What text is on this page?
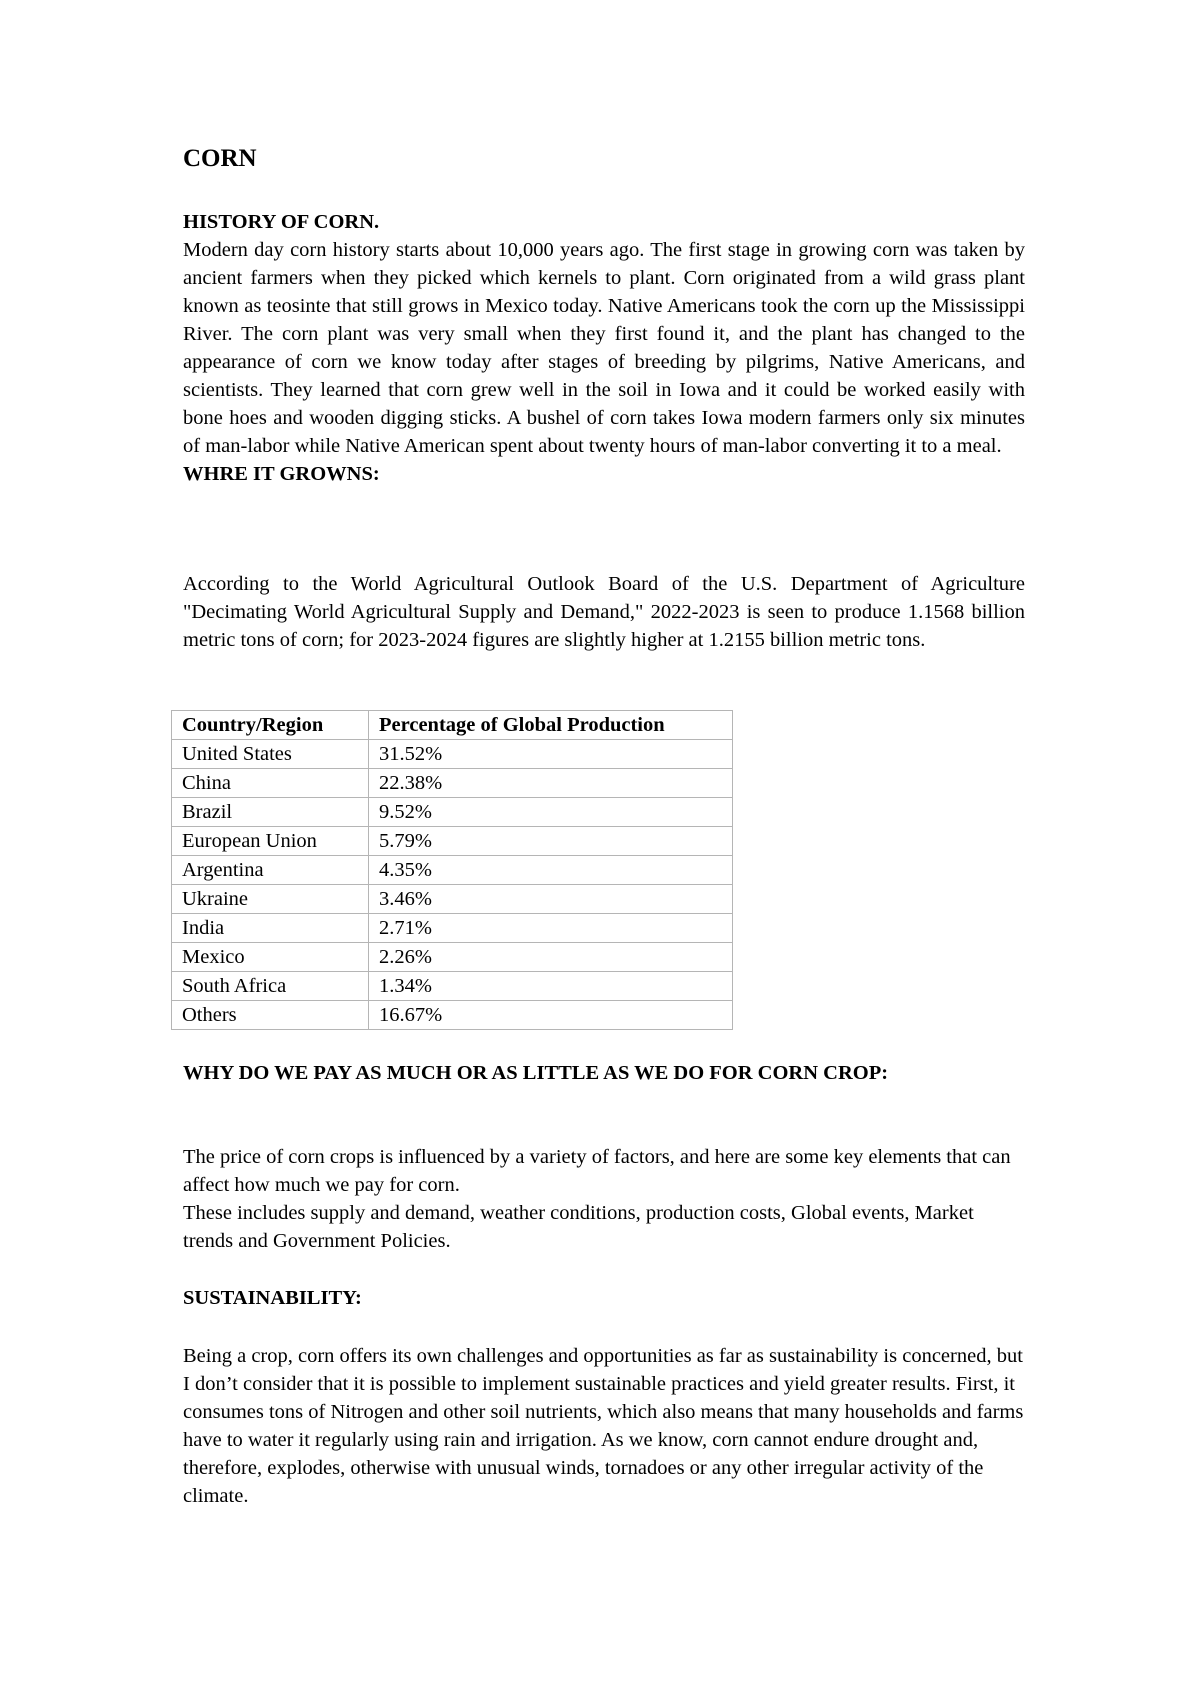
CORN
HISTORY OF CORN.

Modern day corn history starts about 10,000 years ago. The first stage in growing corn was taken by ancient farmers when they picked which kernels to plant. Corn originated from a wild grass plant known as teosinte that still grows in Mexico today. Native Americans took the corn up the Mississippi River. The corn plant was very small when they first found it, and the plant has changed to the appearance of corn we know today after stages of breeding by pilgrims, Native Americans, and scientists. They learned that corn grew well in the soil in Iowa and it could be worked easily with bone hoes and wooden digging sticks. A bushel of corn takes Iowa modern farmers only six minutes of man-labor while Native American spent about twenty hours of man-labor converting it to a meal.

WHRE IT GROWNS:

According to the World Agricultural Outlook Board of the U.S. Department of Agriculture "Decimating World Agricultural Supply and Demand," 2022-2023 is seen to produce 1.1568 billion metric tons of corn; for 2023-2024 figures are slightly higher at 1.2155 billion metric tons.

Country/Region	Percentage of Global Production
United States	31.52%
China	22.38%
Brazil	9.52%
European Union	5.79%
Argentina	4.35%
Ukraine	3.46%
India	2.71%
Mexico	2.26%
South Africa	1.34%
Others	16.67%
WHY DO WE PAY AS MUCH OR AS LITTLE AS WE DO FOR CORN CROP:

The price of corn crops is influenced by a variety of factors, and here are some key elements that can affect how much we pay for corn.

These includes supply and demand, weather conditions, production costs, Global events, Market trends and Government Policies.

SUSTAINABILITY:

Being a crop, corn offers its own challenges and opportunities as far as sustainability is concerned, but I don’t consider that it is possible to implement sustainable practices and yield greater results. First, it consumes tons of Nitrogen and other soil nutrients, which also means that many households and farms have to water it regularly using rain and irrigation. As we know, corn cannot endure drought and, therefore, explodes, otherwise with unusual winds, tornadoes or any other irregular activity of the climate.
